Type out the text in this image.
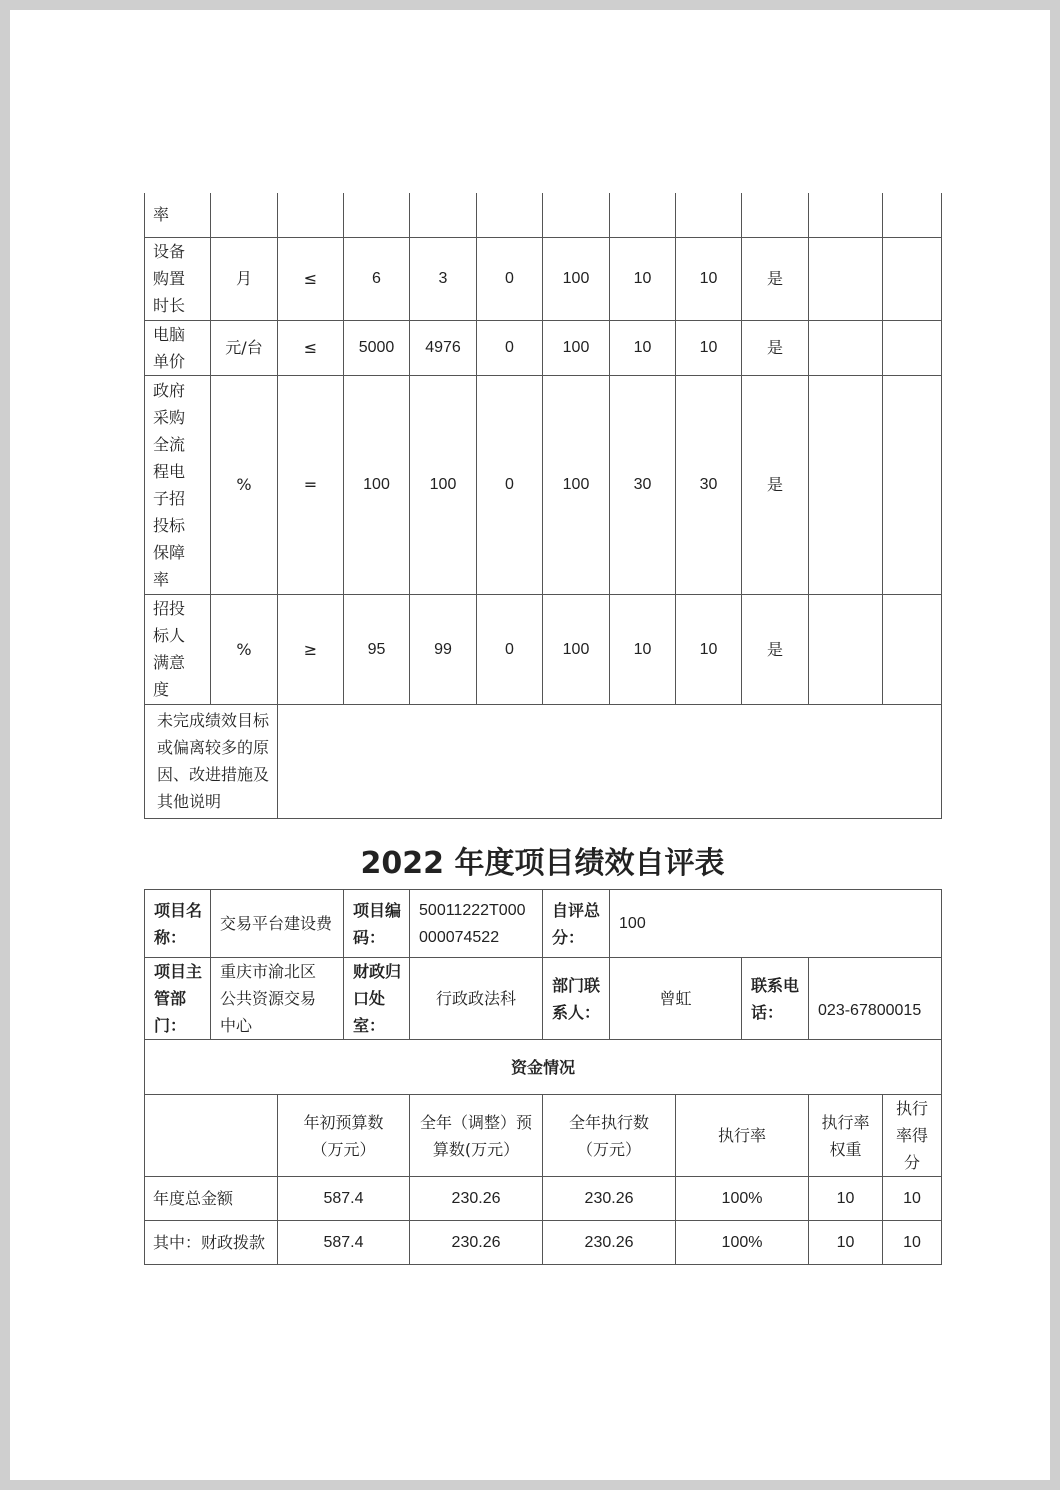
率											
设备购置时长	月	≤	6	3	0	100	10	10	是		
电脑单价	元/台	≤	5000	4976	0	100	10	10	是		
政府采购全流程电子招投标保障率	%	=	100	100	0	100	30	30	是		
招投标人满意度	%	≥	95	99	0	100	10	10	是		
未完成绩效目标或偏离较多的原因、改进措施及其他说明											
2022 年度项目绩效自评表
项目名称：	交易平台建设费		项目编码：	50011222T000000074522	自评总分：	100				
项目主管部门：	重庆市渝北区公共资源交易中心		财政归口处室：	行政政法科	部门联系人：	曾虹		联系电话：	023-67800015	
资金情况										
		年初预算数（万元）		全年（调整）预算数(万元）	全年执行数（万元）		执行率		执行率权重	执行率得分
年度总金额		587.4		230.26	230.26		100%		10	10
其中：财政拨款		587.4		230.26	230.26		100%		10	10
